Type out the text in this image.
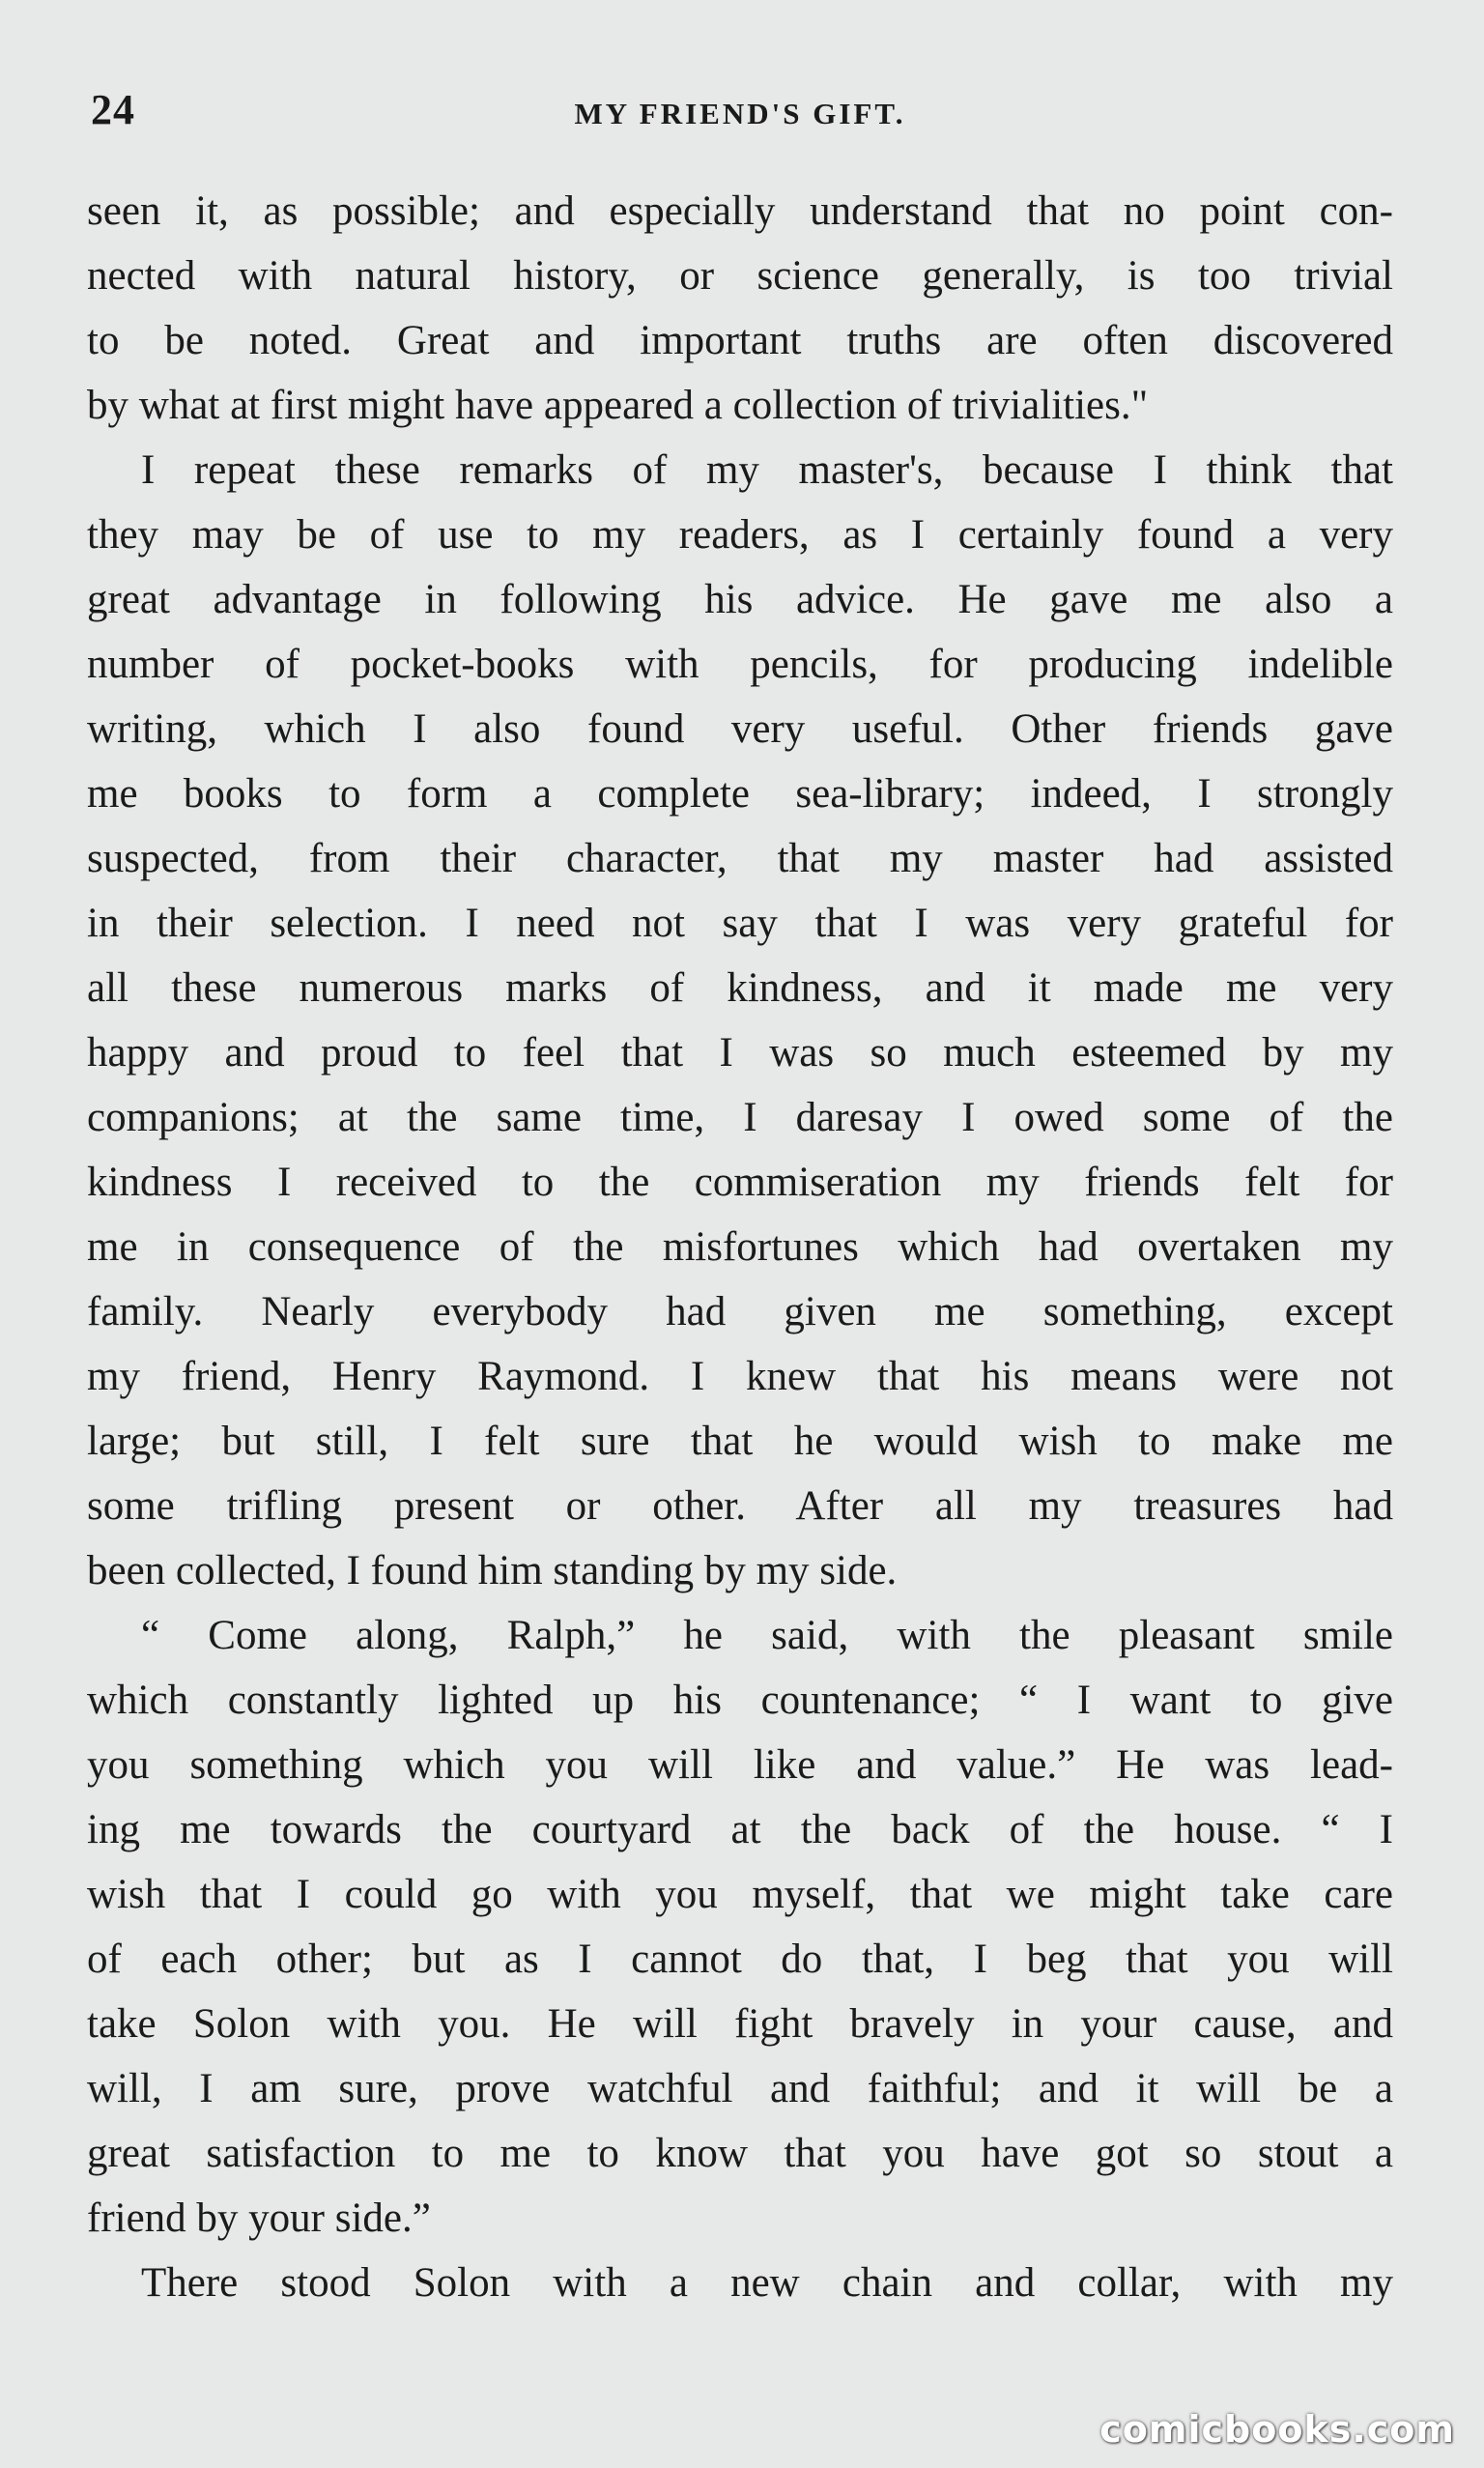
24	MY FRIEND'S GIFT.
seen it, as possible; and especially understand that no point con-
nected with natural history, or science generally, is too trivial
to be noted. Great and important truths are often discovered
by what at first might have appeared a collection of trivialities."
I repeat these remarks of my master's, because I think that
they may be of use to my readers, as I certainly found a very
great advantage in following his advice. He gave me also a
number of pocket-books with pencils, for producing indelible
writing, which I also found very useful. Other friends gave
me books to form a complete sea-library; indeed, I strongly
suspected, from their character, that my master had assisted
in their selection. I need not say that I was very grateful for
all these numerous marks of kindness, and it made me very
happy and proud to feel that I was so much esteemed by my
companions; at the same time, I daresay I owed some of the
kindness I received to the commiseration my friends felt for
me in consequence of the misfortunes which had overtaken my
family. Nearly everybody had given me something, except
my friend, Henry Raymond. I knew that his means were not
large; but still, I felt sure that he would wish to make me
some trifling present or other. After all my treasures had
been collected, I found him standing by my side.
“ Come along, Ralph,” he said, with the pleasant smile
which constantly lighted up his countenance; “ I want to give
you something which you will like and value.” He was lead-
ing me towards the courtyard at the back of the house. “ I
wish that I could go with you myself, that we might take care
of each other; but as I cannot do that, I beg that you will
take Solon with you. He will fight bravely in your cause, and
will, I am sure, prove watchful and faithful; and it will be a
great satisfaction to me to know that you have got so stout a
friend by your side.”
There stood Solon with a new chain and collar, with my
comicbooks.com
